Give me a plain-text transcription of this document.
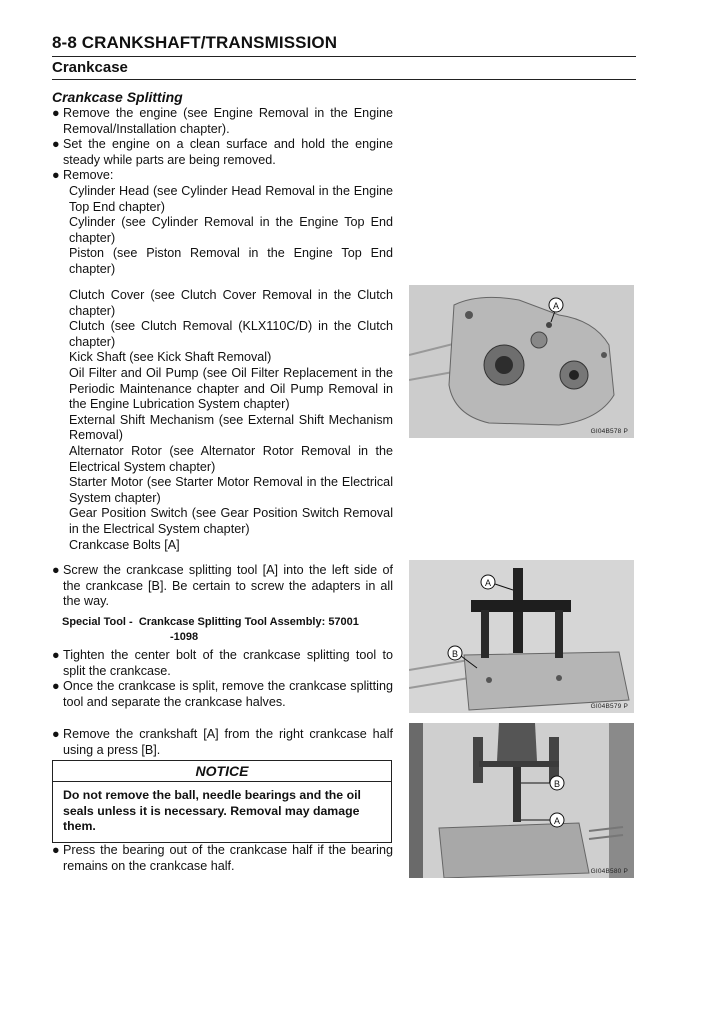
8-8 CRANKSHAFT/TRANSMISSION
Crankcase
Crankcase Splitting
● Remove the engine (see Engine Removal in the Engine Removal/Installation chapter).

● Set the engine on a clean surface and hold the engine steady while parts are being removed.

● Remove:

Cylinder Head (see Cylinder Head Removal in the Engine Top End chapter)
Cylinder (see Cylinder Removal in the Engine Top End chapter)
Piston (see Piston Removal in the Engine Top End chapter)
Clutch Cover (see Clutch Cover Removal in the Clutch chapter)
Clutch (see Clutch Removal (KLX110C/D) in the Clutch chapter)
Kick Shaft (see Kick Shaft Removal)
Oil Filter and Oil Pump (see Oil Filter Replacement in the Periodic Maintenance chapter and Oil Pump Removal in the Engine Lubrication System chapter)
External Shift Mechanism (see External Shift Mechanism Removal)
Alternator Rotor (see Alternator Rotor Removal in the Electrical System chapter)
Starter Motor (see Starter Motor Removal in the Electrical System chapter)
Gear Position Switch (see Gear Position Switch Removal in the Electrical System chapter)
Crankcase Bolts [A]
● Screw the crankcase splitting tool [A] into the left side of the crankcase [B]. Be certain to screw the adapters in all the way.

Special Tool - Crankcase Splitting Tool Assembly: 57001
-1098
● Tighten the center bolt of the crankcase splitting tool to split the crankcase.

● Once the crankcase is split, remove the crankcase splitting tool and separate the crankcase halves.

● Remove the crankshaft [A] from the right crankcase half using a press [B].

NOTICE
Do not remove the ball, needle bearings and the oil seals unless it is necessary. Removal may damage them.
● Press the bearing out of the crankcase half if the bearing remains on the crankcase half.

A
GI04B578 P
A
B
GI04B579 P
B
A
GI04B580 P
